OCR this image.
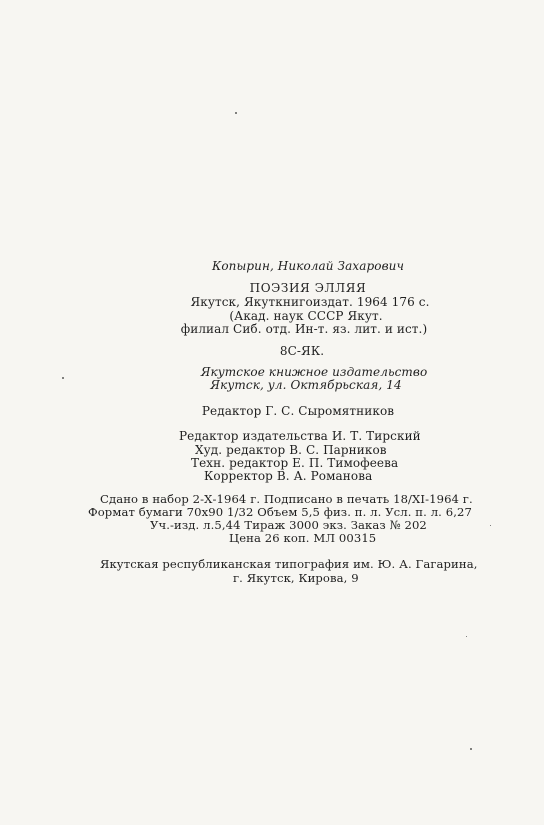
Копырин, Николай Захарович
ПОЭЗИЯ ЭЛЛЯЯ
Якутск, Якуткнигоиздат. 1964 176 с.
(Акад. наук СССР Якут.
филиал Сиб. отд. Ин-т. яз. лит. и ист.)
8С-ЯК.
Якутское книжное издательство
Якутск, ул. Октябрьская, 14
Редактор Г. С. Сыромятников
Редактор издательства И. Т. Тирский
Худ. редактор В. С. Парников
Техн. редактор Е. П. Тимофеева
Корректор В. А. Романова
Сдано в набор 2-Х-1964 г. Подписано в печать 18/ХI-1964 г.
Формат бумаги 70х90 1/32 Объем 5,5 физ. п. л. Усл. п. л. 6,27
Уч.-изд. л.5,44 Тираж 3000 экз. Заказ № 202
Цена 26 коп. МЛ 00315
Якутская республиканская типография им. Ю. А. Гагарина,
г. Якутск, Кирова, 9
